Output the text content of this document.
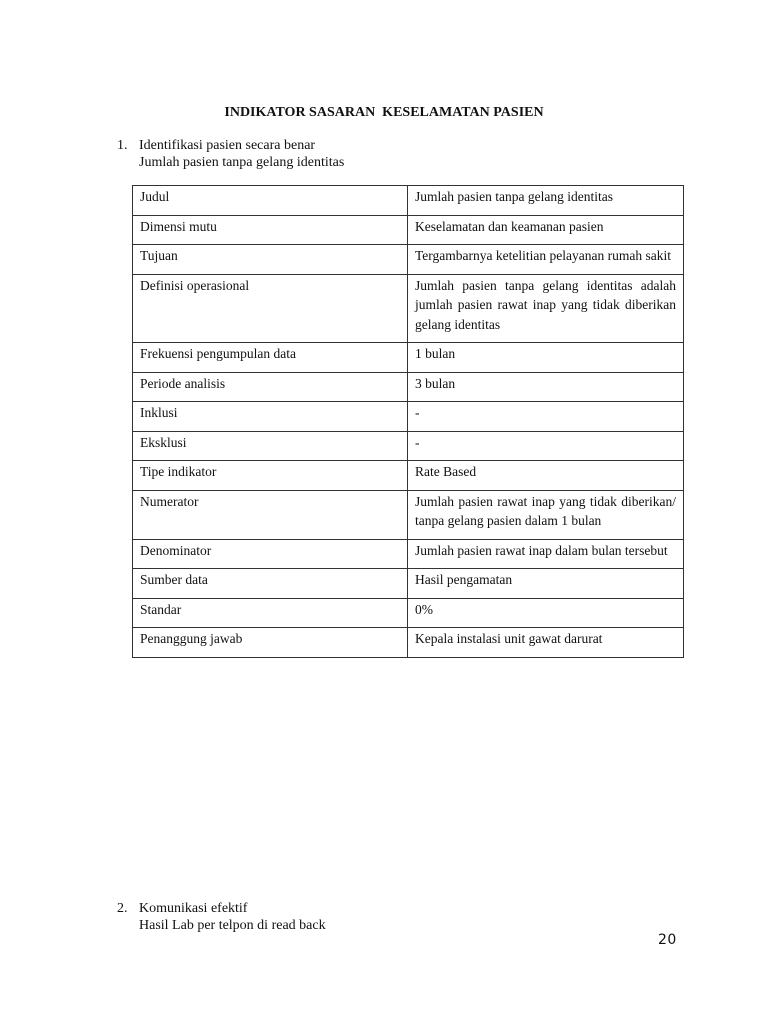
INDIKATOR SASARAN  KESELAMATAN PASIEN
1. Identifikasi pasien secara benar
Jumlah pasien tanpa gelang identitas
Judul	Jumlah pasien tanpa gelang identitas
Dimensi mutu	Keselamatan dan keamanan pasien
Tujuan	Tergambarnya ketelitian pelayanan rumah sakit
Definisi operasional	Jumlah pasien tanpa gelang identitas adalah jumlah pasien rawat inap yang tidak diberikan gelang identitas
Frekuensi pengumpulan data	1 bulan
Periode analisis	3 bulan
Inklusi	-
Eksklusi	-
Tipe indikator	Rate Based
Numerator	Jumlah pasien rawat inap yang tidak diberikan/ tanpa gelang pasien dalam 1 bulan
Denominator	Jumlah pasien rawat inap dalam bulan tersebut
Sumber data	Hasil pengamatan
Standar	0%
Penanggung jawab	Kepala instalasi unit gawat darurat
2. Komunikasi efektif
Hasil Lab per telpon di read back
20
